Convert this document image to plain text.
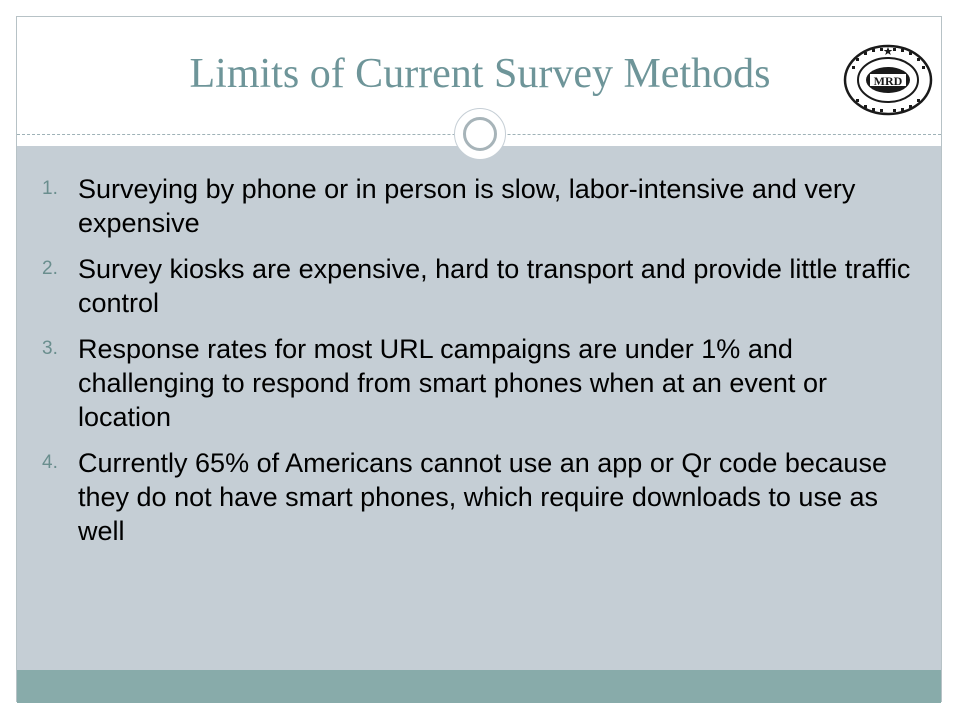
Limits of Current Survey Methods	MRD
1. Surveying by phone or in person is slow, labor-intensive and very expensive
2. Survey kiosks are expensive, hard to transport and provide little traffic control
3. Response rates for most URL campaigns are under 1% and challenging to respond from smart phones when at an event or location
4. Currently 65% of Americans cannot use an app or Qr code because they do not have smart phones, which require downloads to use as well
